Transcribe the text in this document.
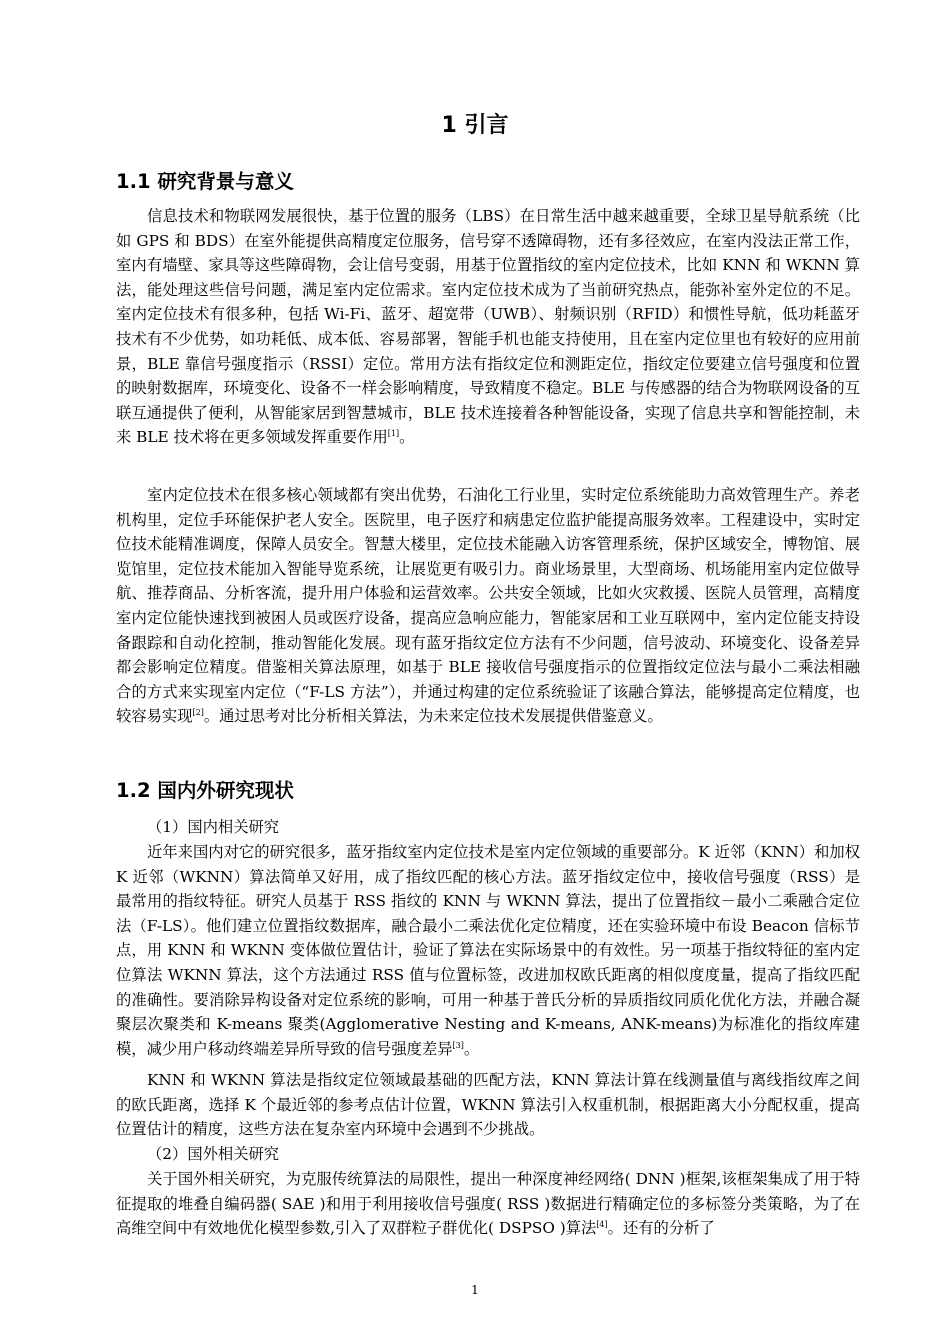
1 引言
1.1 研究背景与意义

信息技术和物联网发展很快，基于位置的服务（LBS）在日常生活中越来越重要，全球卫星导航系统（比如 GPS 和 BDS）在室外能提供高精度定位服务，信号穿不透障碍物，还有多径效应，在室内没法正常工作，室内有墙壁、家具等这些障碍物，会让信号变弱，用基于位置指纹的室内定位技术，比如 KNN 和 WKNN 算法，能处理这些信号问题，满足室内定位需求。室内定位技术成为了当前研究热点，能弥补室外定位的不足。室内定位技术有很多种，包括 Wi-Fi、蓝牙、超宽带（UWB）、射频识别（RFID）和惯性导航，低功耗蓝牙技术有不少优势，如功耗低、成本低、容易部署，智能手机也能支持使用，且在室内定位里也有较好的应用前景，BLE 靠信号强度指示（RSSI）定位。常用方法有指纹定位和测距定位，指纹定位要建立信号强度和位置的映射数据库，环境变化、设备不一样会影响精度，导致精度不稳定。BLE 与传感器的结合为物联网设备的互联互通提供了便利，从智能家居到智慧城市，BLE 技术连接着各种智能设备，实现了信息共享和智能控制，未来 BLE 技术将在更多领域发挥重要作用[1]。

室内定位技术在很多核心领域都有突出优势，石油化工行业里，实时定位系统能助力高效管理生产。养老机构里，定位手环能保护老人安全。医院里，电子医疗和病患定位监护能提高服务效率。工程建设中，实时定位技术能精准调度，保障人员安全。智慧大楼里，定位技术能融入访客管理系统，保护区域安全，博物馆、展览馆里，定位技术能加入智能导览系统，让展览更有吸引力。商业场景里，大型商场、机场能用室内定位做导航、推荐商品、分析客流，提升用户体验和运营效率。公共安全领域，比如火灾救援、医院人员管理，高精度室内定位能快速找到被困人员或医疗设备，提高应急响应能力，智能家居和工业互联网中，室内定位能支持设备跟踪和自动化控制，推动智能化发展。现有蓝牙指纹定位方法有不少问题，信号波动、环境变化、设备差异都会影响定位精度。借鉴相关算法原理，如基于 BLE 接收信号强度指示的位置指纹定位法与最小二乘法相融合的方式来实现室内定位（“F-LS 方法”），并通过构建的定位系统验证了该融合算法，能够提高定位精度，也较容易实现[2]。通过思考对比分析相关算法，为未来定位技术发展提供借鉴意义。

1.2 国内外研究现状
（1）国内相关研究

近年来国内对它的研究很多，蓝牙指纹室内定位技术是室内定位领域的重要部分。K 近邻（KNN）和加权 K 近邻（WKNN）算法简单又好用，成了指纹匹配的核心方法。蓝牙指纹定位中，接收信号强度（RSS）是最常用的指纹特征。研究人员基于 RSS 指纹的 KNN 与 WKNN 算法，提出了位置指纹－最小二乘融合定位法（F-LS）。他们建立位置指纹数据库，融合最小二乘法优化定位精度，还在实验环境中布设 Beacon 信标节点，用 KNN 和 WKNN 变体做位置估计，验证了算法在实际场景中的有效性。另一项基于指纹特征的室内定位算法 WKNN 算法，这个方法通过 RSS 值与位置标签，改进加权欧氏距离的相似度度量，提高了指纹匹配的准确性。要消除异构设备对定位系统的影响，可用一种基于普氏分析的异质指纹同质化优化方法，并融合凝聚层次聚类和 K-means 聚类(Agglomerative Nesting and K-means, ANK-means)为标准化的指纹库建模，减少用户移动终端差异所导致的信号强度差异[3]。

KNN 和 WKNN 算法是指纹定位领域最基础的匹配方法，KNN 算法计算在线测量值与离线指纹库之间的欧氏距离，选择 K 个最近邻的参考点估计位置，WKNN 算法引入权重机制，根据距离大小分配权重，提高位置估计的精度，这些方法在复杂室内环境中会遇到不少挑战。

（2）国外相关研究

关于国外相关研究，为克服传统算法的局限性，提出一种深度神经网络( DNN )框架,该框架集成了用于特征提取的堆叠自编码器( SAE )和用于利用接收信号强度( RSS )数据进行精确定位的多标签分类策略，为了在高维空间中有效地优化模型参数,引入了双群粒子群优化( DSPSO )算法[4]。还有的分析了

1
